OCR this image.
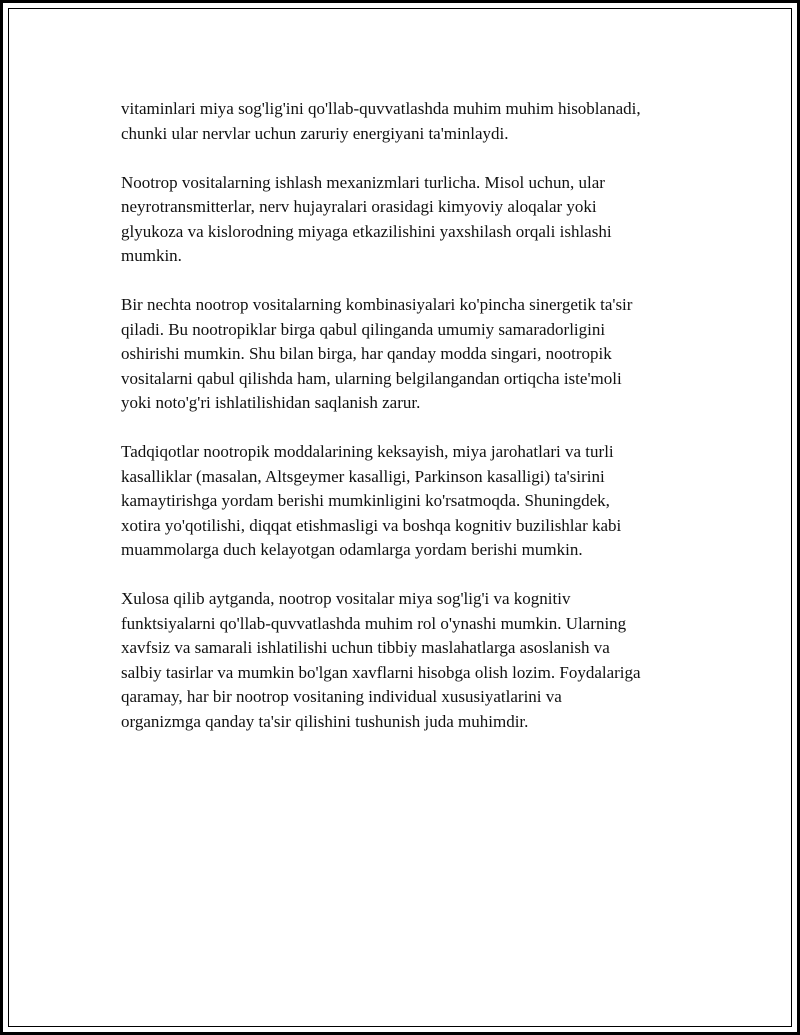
vitaminlari miya sog'lig'ini qo'llab-quvvatlashda muhim muhim hisoblanadi,
chunki ular nervlar uchun zaruriy energiyani ta'minlaydi.

Nootrop vositalarning ishlash mexanizmlari turlicha. Misol uchun, ular
neyrotransmitterlar, nerv hujayralari orasidagi kimyoviy aloqalar yoki
glyukoza va kislorodning miyaga etkazilishini yaxshilash orqali ishlashi
mumkin.

Bir nechta nootrop vositalarning kombinasiyalari ko'pincha sinergetik ta'sir
qiladi. Bu nootropiklar birga qabul qilinganda umumiy samaradorligini
oshirishi mumkin. Shu bilan birga, har qanday modda singari, nootropik
vositalarni qabul qilishda ham, ularning belgilangandan ortiqcha iste'moli
yoki noto'g'ri ishlatilishidan saqlanish zarur.

Tadqiqotlar nootropik moddalarining keksayish, miya jarohatlari va turli
kasalliklar (masalan, Altsgeymer kasalligi, Parkinson kasalligi) ta'sirini
kamaytirishga yordam berishi mumkinligini ko'rsatmoqda. Shuningdek,
xotira yo'qotilishi, diqqat etishmasligi va boshqa kognitiv buzilishlar kabi
muammolarga duch kelayotgan odamlarga yordam berishi mumkin.

Xulosa qilib aytganda, nootrop vositalar miya sog'lig'i va kognitiv
funktsiyalarni qo'llab-quvvatlashda muhim rol o'ynashi mumkin. Ularning
xavfsiz va samarali ishlatilishi uchun tibbiy maslahatlarga asoslanish va
salbiy tasirlar va mumkin bo'lgan xavflarni hisobga olish lozim. Foydalariga
qaramay, har bir nootrop vositaning individual xususiyatlarini va
organizmga qanday ta'sir qilishini tushunish juda muhimdir.
